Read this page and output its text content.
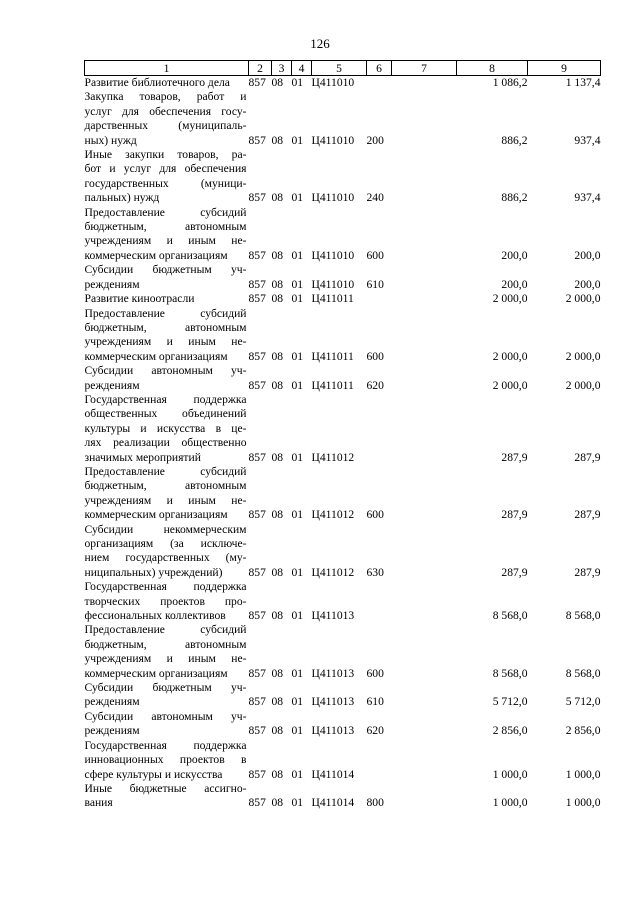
126
1	2	3	4	5	6	7	8	9

Развитие библиотечного дела	857	08	01	Ц411010			1 086,2	1 137,4

Закупка товаров, работ и
услуг для обеспечения госу-
дарственных (муниципаль-
ных) нужд	857	08	01	Ц411010	200		886,2	937,4

Иные закупки товаров, ра-
бот и услуг для обеспечения
государственных (муници-
пальных) нужд	857	08	01	Ц411010	240		886,2	937,4

Предоставление субсидий
бюджетным, автономным
учреждениям и иным не-
коммерческим организациям	857	08	01	Ц411010	600		200,0	200,0

Субсидии бюджетным уч-
реждениям	857	08	01	Ц411010	610		200,0	200,0

Развитие киноотрасли	857	08	01	Ц411011			2 000,0	2 000,0

Предоставление субсидий
бюджетным, автономным
учреждениям и иным не-
коммерческим организациям	857	08	01	Ц411011	600		2 000,0	2 000,0

Субсидии автономным уч-
реждениям	857	08	01	Ц411011	620		2 000,0	2 000,0

Государственная поддержка
общественных объединений
культуры и искусства в це-
лях реализации общественно
значимых мероприятий	857	08	01	Ц411012			287,9	287,9

Предоставление субсидий
бюджетным, автономным
учреждениям и иным не-
коммерческим организациям	857	08	01	Ц411012	600		287,9	287,9

Субсидии некоммерческим
организациям (за исключе-
нием государственных (му-
ниципальных) учреждений)	857	08	01	Ц411012	630		287,9	287,9

Государственная поддержка
творческих проектов про-
фессиональных коллективов	857	08	01	Ц411013			8 568,0	8 568,0

Предоставление субсидий
бюджетным, автономным
учреждениям и иным не-
коммерческим организациям	857	08	01	Ц411013	600		8 568,0	8 568,0

Субсидии бюджетным уч-
реждениям	857	08	01	Ц411013	610		5 712,0	5 712,0

Субсидии автономным уч-
реждениям	857	08	01	Ц411013	620		2 856,0	2 856,0

Государственная поддержка
инновационных проектов в
сфере культуры и искусства	857	08	01	Ц411014			1 000,0	1 000,0

Иные бюджетные ассигно-
вания	857	08	01	Ц411014	800		1 000,0	1 000,0
